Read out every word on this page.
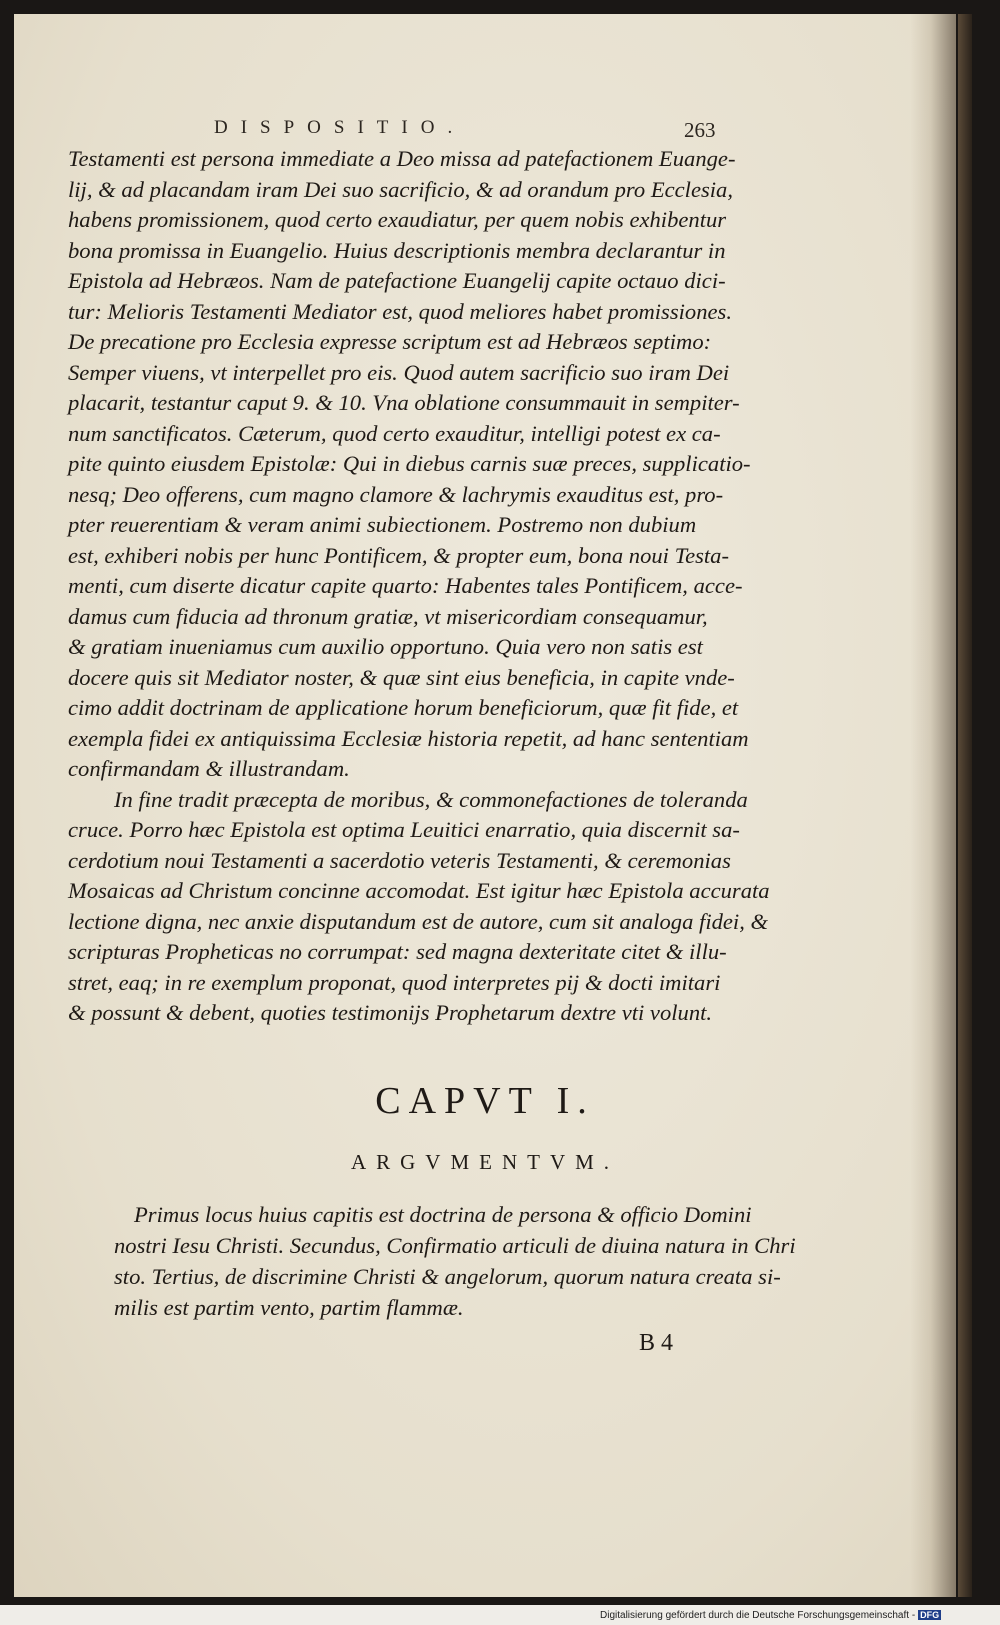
DISPOSITIO.	263
Testamenti est persona immediate a Deo missa ad patefactionem Euange-
lij, & ad placandam iram Dei suo sacrificio, & ad orandum pro Ecclesia,
habens promissionem, quod certo exaudiatur, per quem nobis exhibentur
bona promissa in Euangelio. Huius descriptionis membra declarantur in
Epistola ad Hebræos. Nam de patefactione Euangelij capite octauo dici-
tur: Melioris Testamenti Mediator est, quod meliores habet promissiones.
De precatione pro Ecclesia expresse scriptum est ad Hebræos septimo:
Semper viuens, vt interpellet pro eis. Quod autem sacrificio suo iram Dei
placarit, testantur caput 9. & 10. Vna oblatione consummauit in sempiter-
num sanctificatos. Cæterum, quod certo exauditur, intelligi potest ex ca-
pite quinto eiusdem Epistolæ: Qui in diebus carnis suæ preces, supplicatio-
nesq; Deo offerens, cum magno clamore & lachrymis exauditus est, pro-
pter reuerentiam & veram animi subiectionem. Postremo non dubium
est, exhiberi nobis per hunc Pontificem, & propter eum, bona noui Testa-
menti, cum diserte dicatur capite quarto: Habentes tales Pontificem, acce-
damus cum fiducia ad thronum gratiæ, vt misericordiam consequamur,
& gratiam inueniamus cum auxilio opportuno. Quia vero non satis est
docere quis sit Mediator noster, & quæ sint eius beneficia, in capite vnde-
cimo addit doctrinam de applicatione horum beneficiorum, quæ fit fide, et
exempla fidei ex antiquissima Ecclesiæ historia repetit, ad hanc sententiam
confirmandam & illustrandam.
In fine tradit præcepta de moribus, & commonefactiones de toleranda
cruce. Porro hæc Epistola est optima Leuitici enarratio, quia discernit sa-
cerdotium noui Testamenti a sacerdotio veteris Testamenti, & ceremonias
Mosaicas ad Christum concinne accomodat. Est igitur hæc Epistola accurata
lectione digna, nec anxie disputandum est de autore, cum sit analoga fidei, &
scripturas Propheticas no corrumpat: sed magna dexteritate citet & illu-
stret, eaq; in re exemplum proponat, quod interpretes pij & docti imitari
& possunt & debent, quoties testimonijs Prophetarum dextre vti volunt.
CAPVT I.
ARGVMENTVM.
Primus locus huius capitis est doctrina de persona & officio Domini
nostri Iesu Christi. Secundus, Confirmatio articuli de diuina natura in Chri
sto. Tertius, de discrimine Christi & angelorum, quorum natura creata si-
milis est partim vento, partim flammæ.
B 4
Digitalisierung gefördert durch die Deutsche Forschungsgemeinschaft - DFG
